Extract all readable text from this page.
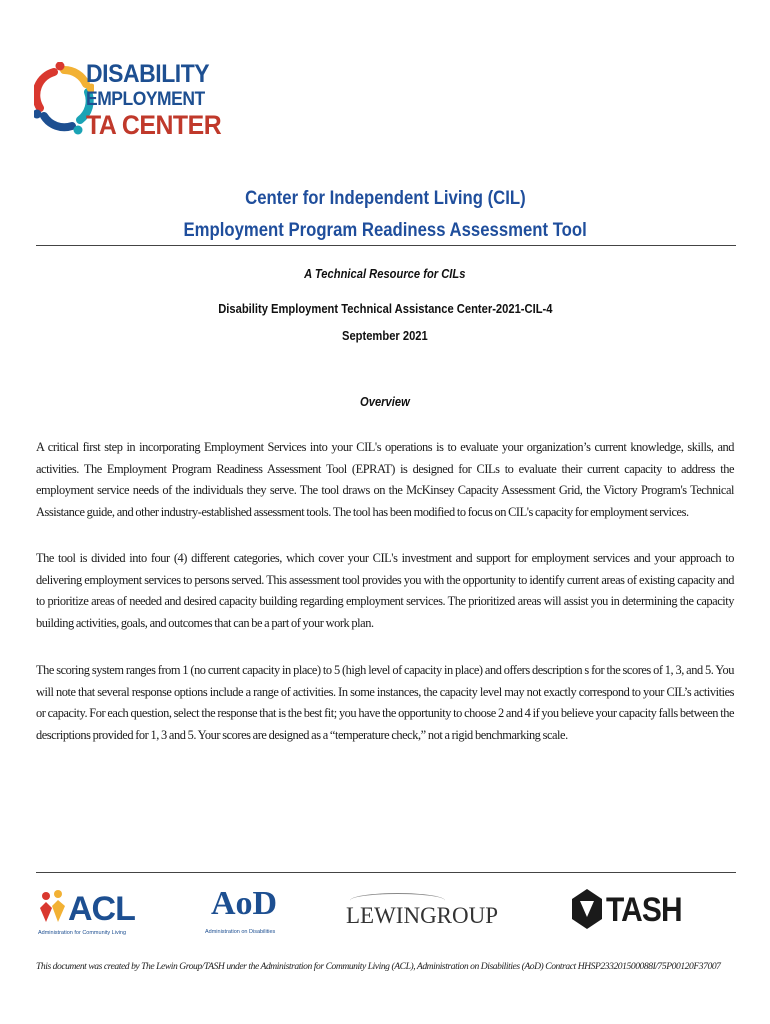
DISABILITY
EMPLOYMENT
TA CENTER
Center for Independent Living (CIL)
Employment Program Readiness Assessment Tool
A Technical Resource for CILs
Disability Employment Technical Assistance Center-2021-CIL-4
September 2021
Overview
A critical first step in incorporating Employment Services into your CIL's operations is to evaluate your organization’s current knowledge, skills, and activities. The Employment Program Readiness Assessment Tool (EPRAT) is designed for CILs to evaluate their current capacity to address the employment service needs of the individuals they serve. The tool draws on the McKinsey Capacity Assessment Grid, the Victory Program's Technical Assistance guide, and other industry-established assessment tools. The tool has been modified to focus on CIL's capacity for employment services.
The tool is divided into four (4) different categories, which cover your CIL's investment and support for employment services and your approach to delivering employment services to persons served. This assessment tool provides you with the opportunity to identify current areas of existing capacity and to prioritize areas of needed and desired capacity building regarding employment services. The prioritized areas will assist you in determining the capacity building activities, goals, and outcomes that can be a part of your work plan.
The scoring system ranges from 1 (no current capacity in place) to 5 (high level of capacity in place) and offers description s for the scores of 1, 3, and 5. You will note that several response options include a range of activities. In some instances, the capacity level may not exactly correspond to your CIL’s activities or capacity. For each question, select the response that is the best fit; you have the opportunity to choose 2 and 4 if you believe your capacity falls between the descriptions provided for 1, 3 and 5. Your scores are designed as a “temperature check,” not a rigid benchmarking scale.
ACL
Administration for Community Living
AoD
Administration on Disabilities
LEWINGROUP	TASH
This document was created by The Lewin Group/TASH under the Administration for Community Living (ACL), Administration on Disabilities (AoD) Contract HHSP233201500088I/75P00120F37007
